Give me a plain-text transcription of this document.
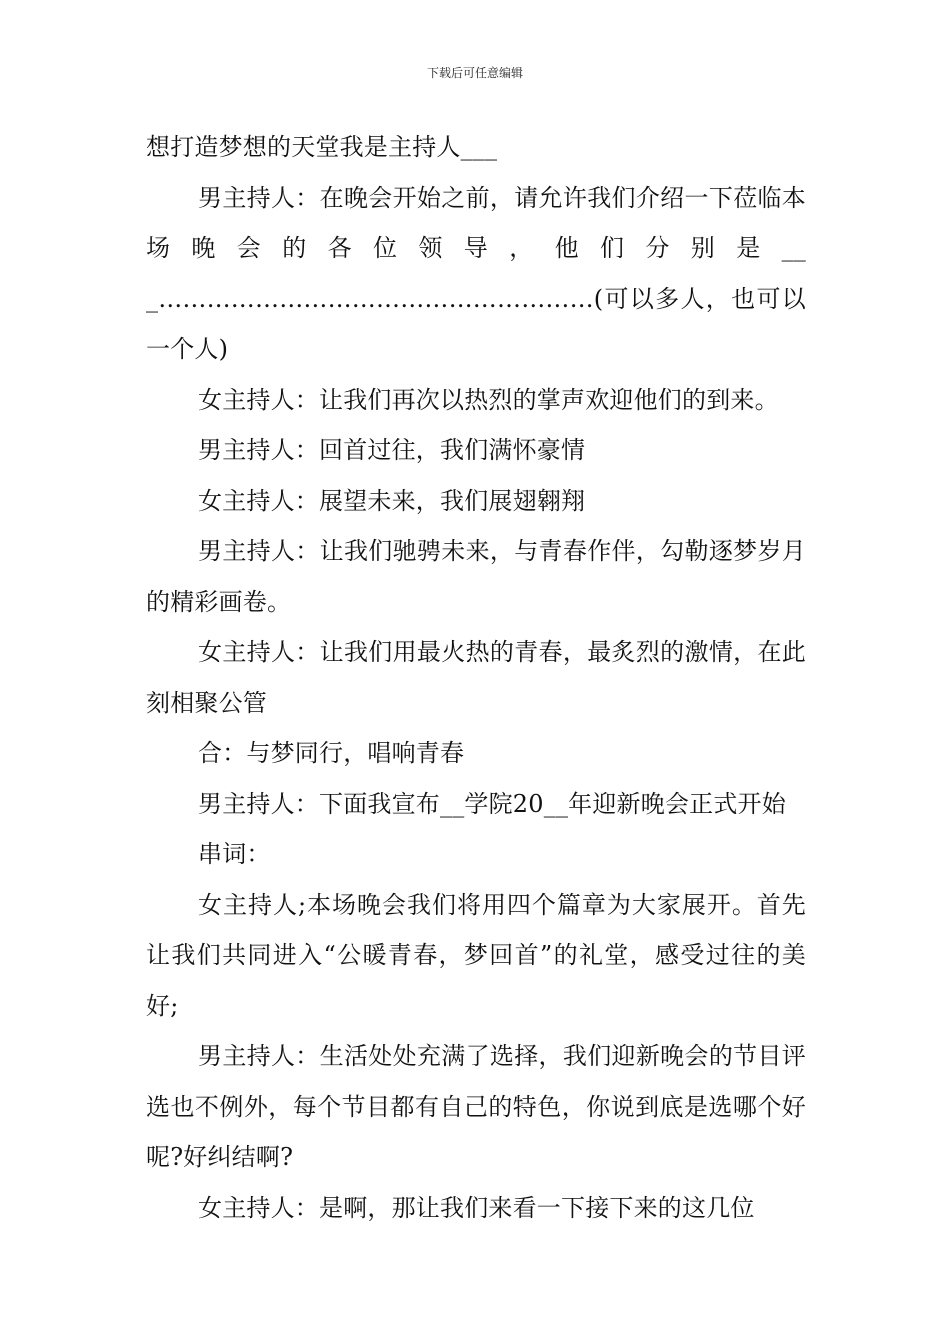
下载后可任意编辑

想打造梦想的天堂我是主持人___

男主持人：在晚会开始之前，请允许我们介绍一下莅临本场晚会的各位领导，他们分别是___………………………………………………(可以多人，也可以一个人)

女主持人：让我们再次以热烈的掌声欢迎他们的到来。

男主持人：回首过往，我们满怀豪情

女主持人：展望未来，我们展翅翱翔

男主持人：让我们驰骋未来，与青春作伴，勾勒逐梦岁月的精彩画卷。

女主持人：让我们用最火热的青春，最炙烈的激情，在此刻相聚公管

合：与梦同行，唱响青春

男主持人：下面我宣布__学院20__年迎新晚会正式开始

串词：

女主持人;本场晚会我们将用四个篇章为大家展开。首先让我们共同进入“公暖青春，梦回首”的礼堂，感受过往的美好;

男主持人：生活处处充满了选择，我们迎新晚会的节目评选也不例外，每个节目都有自己的特色，你说到底是选哪个好呢?好纠结啊?

女主持人：是啊，那让我们来看一下接下来的这几位
